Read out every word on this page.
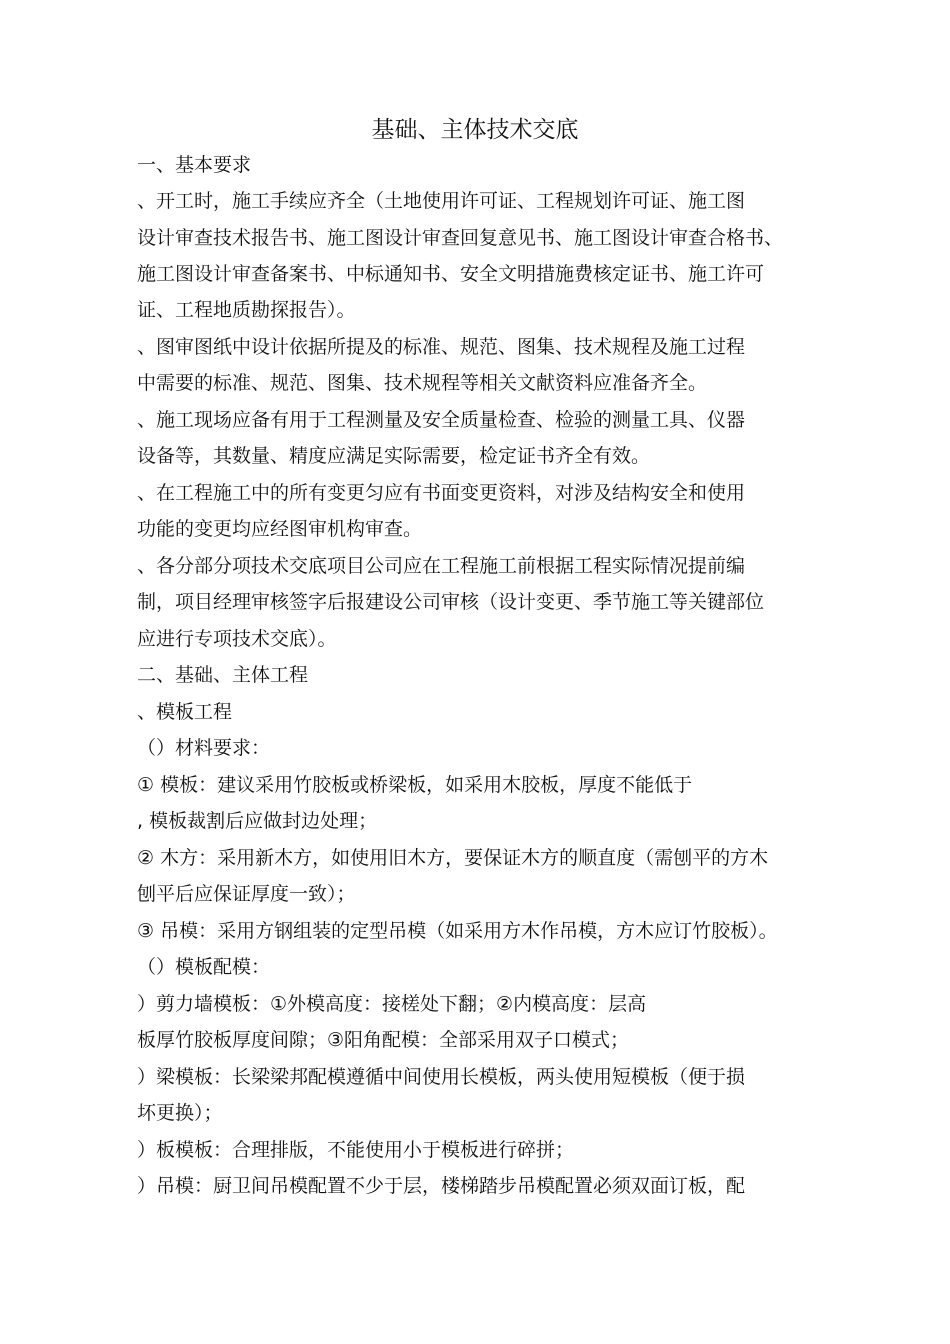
基础、主体技术交底
一、基本要求
、开工时，施工手续应齐全（土地使用许可证、工程规划许可证、施工图
设计审查技术报告书、施工图设计审查回复意见书、施工图设计审查合格书、
施工图设计审查备案书、中标通知书、安全文明措施费核定证书、施工许可
证、工程地质勘探报告）。
、图审图纸中设计依据所提及的标准、规范、图集、技术规程及施工过程
中需要的标准、规范、图集、技术规程等相关文献资料应准备齐全。
、施工现场应备有用于工程测量及安全质量检查、检验的测量工具、仪器
设备等，其数量、精度应满足实际需要，检定证书齐全有效。
、在工程施工中的所有变更匀应有书面变更资料，对涉及结构安全和使用
功能的变更均应经图审机构审查。
、各分部分项技术交底项目公司应在工程施工前根据工程实际情况提前编
制，项目经理审核签字后报建设公司审核（设计变更、季节施工等关键部位
应进行专项技术交底）。
二、基础、主体工程
、模板工程
（）材料要求：
① 模板：建议采用竹胶板或桥梁板，如采用木胶板，厚度不能低于
, 模板裁割后应做封边处理；
② 木方：采用新木方，如使用旧木方，要保证木方的顺直度（需刨平的方木
刨平后应保证厚度一致）；
③ 吊模：采用方钢组装的定型吊模（如采用方木作吊模，方木应订竹胶板）。
（）模板配模：
）剪力墙模板：①外模高度：接槎处下翻；②内模高度：层高
板厚竹胶板厚度间隙；③阳角配模：全部采用双子口模式；
）梁模板：长梁梁邦配模遵循中间使用长模板，两头使用短模板（便于损
坏更换）；
）板模板：合理排版，不能使用小于模板进行碎拼；
）吊模：厨卫间吊模配置不少于层，楼梯踏步吊模配置必须双面订板，配
